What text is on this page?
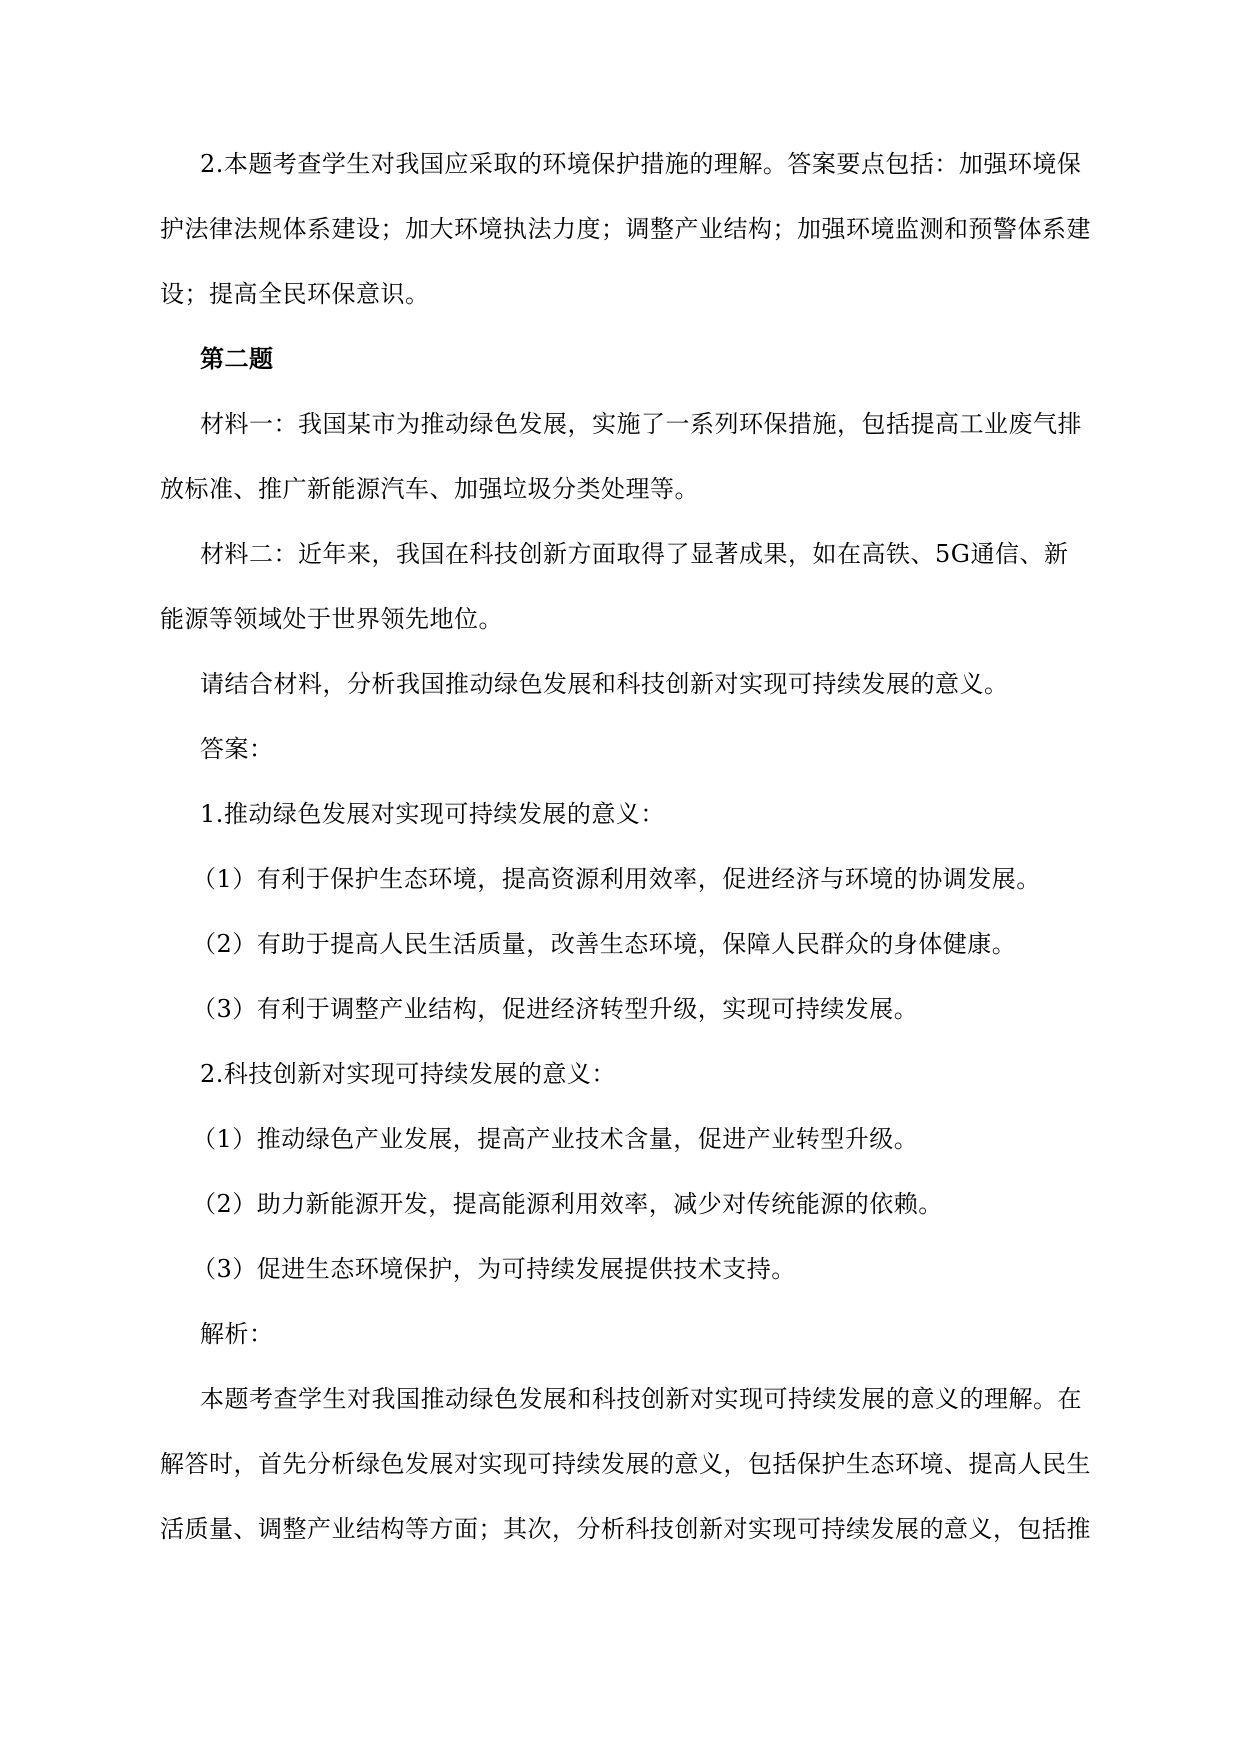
2.本题考查学生对我国应采取的环境保护措施的理解。答案要点包括：加强环境保

护法律法规体系建设；加大环境执法力度；调整产业结构；加强环境监测和预警体系建

设；提高全民环保意识。

第二题

材料一：我国某市为推动绿色发展，实施了一系列环保措施，包括提高工业废气排

放标准、推广新能源汽车、加强垃圾分类处理等。

材料二：近年来，我国在科技创新方面取得了显著成果，如在高铁、5G通信、新

能源等领域处于世界领先地位。

请结合材料，分析我国推动绿色发展和科技创新对实现可持续发展的意义。

答案：

1.推动绿色发展对实现可持续发展的意义：

（1）有利于保护生态环境，提高资源利用效率，促进经济与环境的协调发展。

（2）有助于提高人民生活质量，改善生态环境，保障人民群众的身体健康。

（3）有利于调整产业结构，促进经济转型升级，实现可持续发展。

2.科技创新对实现可持续发展的意义：

（1）推动绿色产业发展，提高产业技术含量，促进产业转型升级。

（2）助力新能源开发，提高能源利用效率，减少对传统能源的依赖。

（3）促进生态环境保护，为可持续发展提供技术支持。

解析：

本题考查学生对我国推动绿色发展和科技创新对实现可持续发展的意义的理解。在

解答时，首先分析绿色发展对实现可持续发展的意义，包括保护生态环境、提高人民生

活质量、调整产业结构等方面；其次，分析科技创新对实现可持续发展的意义，包括推
